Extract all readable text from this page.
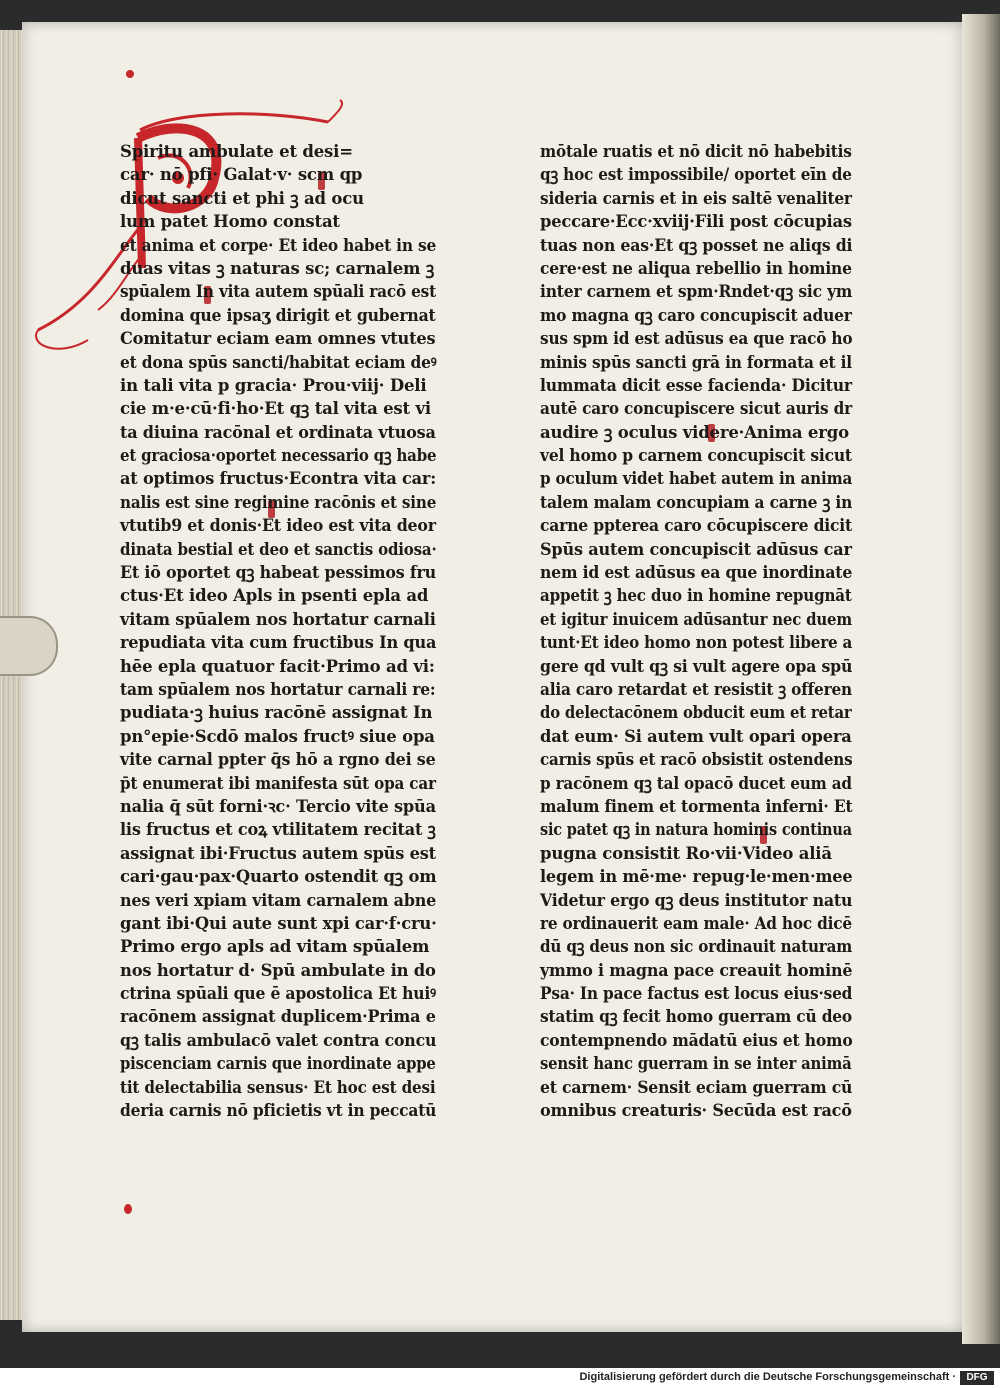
Spiritu ambulate et desi=
car· nō pfi· Galat·v· scm qp
dicut sancti et phi ꝫ ad ocu
lum patet Homo constat
et anima et corpe· Et ideo habet in se
duas vitas ꝫ naturas sc; carnalem ꝫ
spūalem In vita autem spūali racō est
domina que ipsaʒ dirigit et gubernat
Comitatur eciam eam omnes vtutes
et dona spūs sancti/habitat eciam deꝰ
in tali vita p gracia· Prou·viij· Deli
cie m·e·cū·fi·ho·Et qꝫ tal vita est vi
ta diuina racōnal et ordinata vtuosa
et graciosa·oportet necessario qꝫ habe
at optimos fructus·Econtra vita car:
nalis est sine regimine racōnis et sine
vtutib9 et donis·Et ideo est vita deor
dinata bestial et deo et sanctis odiosa·
Et iō oportet qꝫ habeat pessimos fru
ctus·Et ideo Apls in psenti epla ad
vitam spūalem nos hortatur carnali
repudiata vita cum fructibus In qua
hēe epla quatuor facit·Primo ad vi:
tam spūalem nos hortatur carnali re:
pudiata·ꝫ huius racōnē assignat In
pn°epie·Scdō malos fructꝰ siue opa
vite carnal ppter q̄s hō a rgno dei se
p̄t enumerat ibi manifesta sūt opa car
nalia q̄ sūt forni·ꝛc· Tercio vite spūa
lis fructus et coꝝ vtilitatem recitat ꝫ
assignat ibi·Fructus autem spūs est
cari·gau·pax·Quarto ostendit qꝫ om
nes veri xpiam vitam carnalem abne
gant ibi·Qui aute sunt xpi car·f·cru·
Primo ergo apls ad vitam spūalem
nos hortatur d· Spū ambulate in do
ctrina spūali que ē apostolica Et huiꝰ
racōnem assignat duplicem·Prima e
qꝫ talis ambulacō valet contra concu
piscenciam carnis que inordinate appe
tit delectabilia sensus· Et hoc est desi
deria carnis nō pficietis vt in peccatū
mōtale ruatis et nō dicit nō habebitis
qꝫ hoc est impossibile/ oportet eīn de
sideria carnis et in eis saltē venaliter
peccare·Ecc·xviij·Fili post cōcupias
tuas non eas·Et qꝫ posset ne aliqs di
cere·est ne aliqua rebellio in homine
inter carnem et spm·Rndet·qꝫ sic ym
mo magna qꝫ caro concupiscit aduer
sus spm id est adūsus ea que racō ho
minis spūs sancti grā in formata et il
lummata dicit esse facienda· Dicitur
autē caro concupiscere sicut auris dr
audire ꝫ oculus videre·Anima ergo
vel homo p carnem concupiscit sicut
p oculum videt habet autem in anima
talem malam concupiam a carne ꝫ in
carne ppterea caro cōcupiscere dicit
Spūs autem concupiscit adūsus car
nem id est adūsus ea que inordinate
appetit ꝫ hec duo in homine repugnāt
et igitur inuicem adūsantur nec duem
tunt·Et ideo homo non potest libere a
gere qd vult qꝫ si vult agere opa spū
alia caro retardat et resistit ꝫ offeren
do delectacōnem obducit eum et retar
dat eum· Si autem vult opari opera
carnis spūs et racō obsistit ostendens
p racōnem qꝫ tal opacō ducet eum ad
malum finem et tormenta inferni· Et
sic patet qꝫ in natura hominis continua
pugna consistit Ro·vii·Video aliā
legem in mē·me· repug·le·men·mee
Videtur ergo qꝫ deus institutor natu
re ordinauerit eam male· Ad hoc dicē
dū qꝫ deus non sic ordinauit naturam
ymmo i magna pace creauit hominē
Psa· In pace factus est locus eius·sed
statim qꝫ fecit homo guerram cū deo
contempnendo mādatū eius et homo
sensit hanc guerram in se inter animā
et carnem· Sensit eciam guerram cū
omnibus creaturis· Secūda est racō
Digitalisierung gefördert durch die Deutsche Forschungsgemeinschaft ·	DFG
